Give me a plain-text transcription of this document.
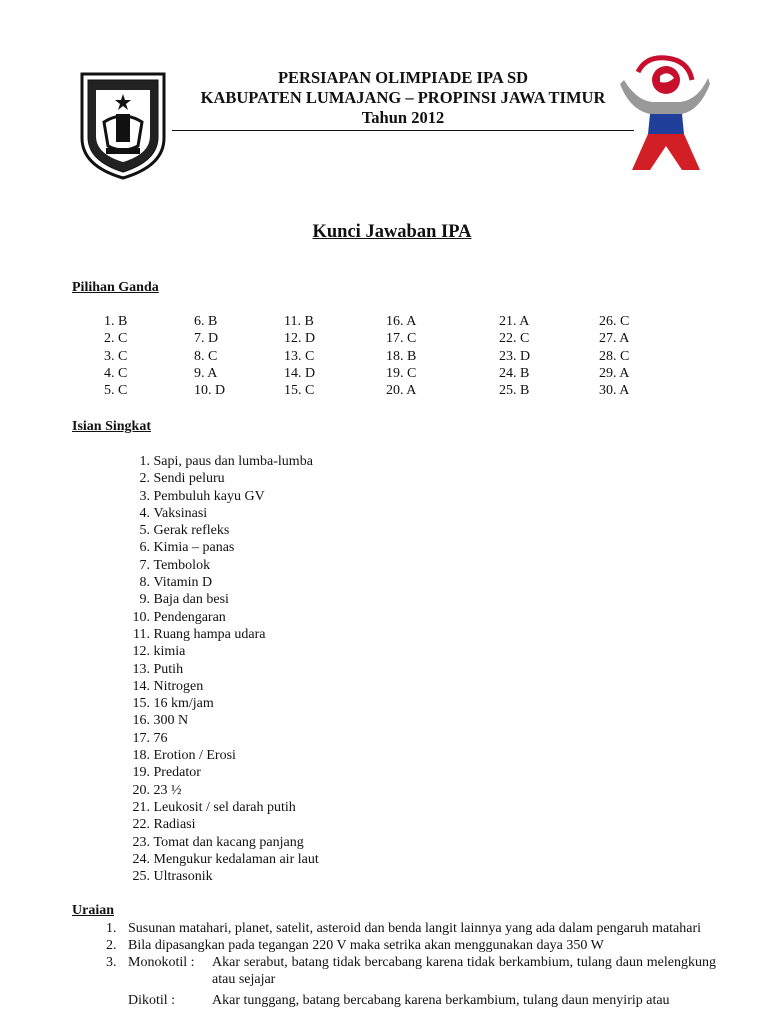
PERSIAPAN OLIMPIADE IPA SD
KABUPATEN LUMAJANG – PROPINSI JAWA TIMUR
Tahun 2012
Kunci Jawaban IPA
Pilihan Ganda
1. B	6. B	11. B	16. A	21. A	26. C
2. C	7. D	12. D	17. C	22. C	27. A
3. C	8. C	13. C	18. B	23. D	28. C
4. C	9. A	14. D	19. C	24. B	29. A
5. C	10. D	15. C	20. A	25. B	30. A
Isian Singkat
1. Sapi, paus dan lumba-lumba
2. Sendi peluru
3. Pembuluh kayu GV
4. Vaksinasi
5. Gerak refleks
6. Kimia – panas
7. Tembolok
8. Vitamin D
9. Baja dan besi
10. Pendengaran
11. Ruang hampa udara
12. kimia
13. Putih
14. Nitrogen
15. 16 km/jam
16. 300 N
17. 76
18. Erotion / Erosi
19. Predator
20. 23 ½
21. Leukosit / sel darah putih
22. Radiasi
23. Tomat dan kacang panjang
24. Mengukur kedalaman air laut
25. Ultrasonik
Uraian
1. Susunan matahari, planet, satelit, asteroid dan benda langit lainnya yang ada dalam pengaruh matahari
2. Bila dipasangkan pada tegangan 220 V maka setrika akan menggunakan daya 350 W
3. Monokotil :	Akar serabut, batang tidak bercabang karena tidak berkambium, tulang daun melengkung atau sejajar
Dikotil :	Akar tunggang, batang bercabang karena berkambium, tulang daun menyirip atau
